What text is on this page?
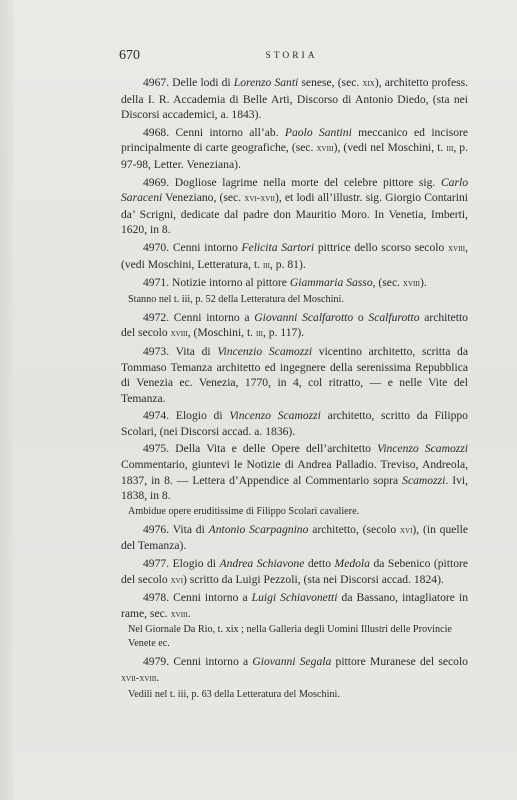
670	STORIA

4967. Delle lodi di Lorenzo Santi senese, (sec. xix), architetto profess. della I. R. Accademia di Belle Arti, Discorso di Antonio Diedo, (sta nei Discorsi accademici, a. 1843).

4968. Cenni intorno all’ab. Paolo Santini meccanico ed incisore principalmente di carte geografiche, (sec. xviii), (vedi nel Moschini, t. iii, p. 97-98, Letter. Veneziana).

4969. Dogliose lagrime nella morte del celebre pittore sig. Carlo Saraceni Veneziano, (sec. xvi-xvii), et lodi all’illustr. sig. Giorgio Contarini da’ Scrigni, dedicate dal padre don Mauritio Moro. In Venetia, Imberti, 1620, in 8.

4970. Cenni intorno Felicita Sartori pittrice dello scorso secolo xviii, (vedi Moschini, Letteratura, t. iii, p. 81).

4971. Notizie intorno al pittore Giammaria Sasso, (sec. xviii).

Stanno nel t. iii, p. 52 della Letteratura del Moschini.

4972. Cenni intorno a Giovanni Scalfarotto o Scalfurotto architetto del secolo xviii, (Moschini, t. iii, p. 117).

4973. Vita di Vincenzio Scamozzi vicentino architetto, scritta da Tommaso Temanza architetto ed ingegnere della serenissima Repubblica di Venezia ec. Venezia, 1770, in 4, col ritratto, — e nelle Vite del Temanza.

4974. Elogio di Vincenzo Scamozzi architetto, scritto da Filippo Scolari, (nei Discorsi accad. a. 1836).

4975. Della Vita e delle Opere dell’architetto Vincenzo Scamozzi Commentario, giuntevi le Notizie di Andrea Palladio. Treviso, Andreola, 1837, in 8. — Lettera d’Appendice al Commentario sopra Scamozzi. Ivi, 1838, in 8.

Ambidue opere eruditissime di Filippo Scolari cavaliere.

4976. Vita di Antonio Scarpagnino architetto, (secolo xvi), (in quelle del Temanza).

4977. Elogio di Andrea Schiavone detto Medola da Sebenico (pittore del secolo xvi) scritto da Luigi Pezzoli, (sta nei Discorsi accad. 1824).

4978. Cenni intorno a Luigi Schiavonetti da Bassano, intagliatore in rame, sec. xviii.

Nel Giornale Da Rio, t. xix ; nella Galleria degli Uomini Illustri delle Provincie Venete ec.

4979. Cenni intorno a Giovanni Segala pittore Muranese del secolo xvii-xviii.

Vedili nel t. iii, p. 63 della Letteratura del Moschini.
